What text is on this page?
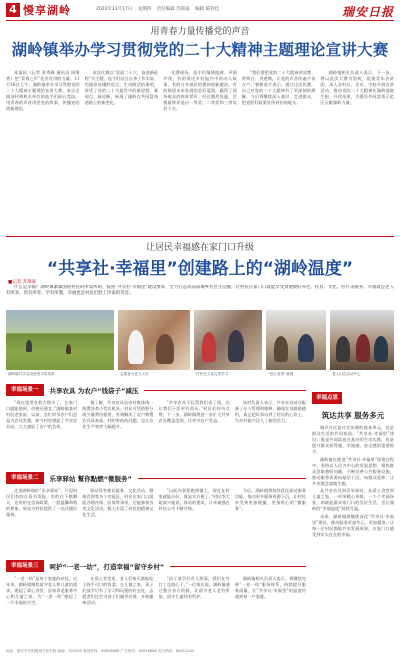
4 慢享湖岭	2022年11月17日 星期四 责任编辑 苏慕嘉 编辑 陈铃佳	瑞安日报
用青春力量传播党的声音
湖岭镇举办学习贯彻党的二十大精神主题理论宣讲大赛

本报讯（记者 张秀峰 通讯员 周绪香）把“青春之声”化作宣讲的力量。11月16日上午，湖岭镇举办学习贯彻党的二十大精神主题理论宣讲大赛，来自全镇各村和机关单位的选手们同台竞技，用青春的声音讲述党的故事，传播党的创新理论。

本次比赛以“喜迎二十大、奋进新征程”为主题，选手们结合自身工作实际，用通俗易懂的语言、生动鲜活的事例，讲述了党的二十大报告中的新思想、新观点、新论断，展现了湖岭在共同富裕道路上的新变化。

比赛现场，选手们情绪饱满、声情并茂，有的讲述乡村振兴中的动人故事，有的分享基层治理的创新做法，有的展望未来发展的美好蓝图，赢得了现场观众的阵阵掌声。经过激烈角逐，比赛最终评选出一等奖、二等奖和三等奖若干名。

“我们要把党的二十大精神讲清楚、讲明白、讲透彻，让党的声音传遍千家万户。”参赛选手表示，通过这次比赛，自己对党的二十大精神有了更深刻的理解，今后将继续深入基层、走进群众，把党的好政策宣传到田间地头。

湖岭镇相关负责人表示，下一步，将以此次大赛为契机，组建青年宣讲团，深入各村社、企业、学校开展宣讲活动，推动党的二十大精神在湖岭落地生根、开花结果，为建设共同富裕示范区贡献湖岭力量。

让居民幸福感在家门口升级
“共享社·幸福里”创建路上的“湖岭温度”
■记者 苏慕嘉
什么是幸福？湖岭镇紧紧围绕村民的所需所盼，按照“共享社·幸福里”建设要求，全力打造高品质城乡社区生活圈，让村民在家门口就能享受到便捷的养老、托育、文化、医疗等服务。幸福就是老人有所养、幼有所育、学有所教，幸福也是村民们脸上洋溢的笑容。
湖岭镇共享农田里的丰收景象	志愿者为老人义诊	村民在文化礼堂学习	“爱心食堂”就餐	老人们在活动中心
幸福场景一	共享农具 为农户“钱袋子”减压

“现在租用农机方便多了，在家门口就能借到，价格还便宜。”湖岭镇某村村民老张说。以前，农忙时节农户们总是为农具发愁，如今村里建起了共享农具站，大大减轻了农户的负担。

据了解，共享农具站由村集体统一购置各类小型农机具，村民可凭借积分或少量费用租用，有效解决了农户购置农具成本高、利用率低的问题，也让农业生产效率大幅提升。

“共享农具不仅帮我们省了钱，还让我们干活更有劲头。”村民们纷纷点赞。下一步，湖岭镇将进一步扩大共享农具覆盖范围，让更多农户受益。

该村负责人表示，共享农具站还配备了专人管理和维修，确保农具随借随用，真正把好事办到了村民的心坎上，为乡村振兴注入了新的活力。

幸福场景二	乐享驿站 幫你點燃“微服务”

走进湖岭镇的“乐享驿站”，只见村民们有的在看书读报，有的在下棋聊天，还有的在咨询政策，一派温馨和谐的景象。驿站为村民提供了一站式便民服务。

驿站设有便民服务、文化活动、健康咨询等多个功能区，村民在家门口就能办理社保、医保等事项，还能参加各类文化活动，极大丰富了村民的精神文化生活。

“以前办事要跑到镇上，现在在村里就能办好，真是太方便了。”村民李大姐高兴地说。驿站的建成，让幸福感在村民心中不断升级。

今后，湖岭镇将持续优化驿站服务功能，推动更多服务资源下沉，让村民享受到更加便捷、更加贴心的“微服务”。

幸福场景三	呵护“一老一幼”，打造幸福“留守乡村”

“一老一幼”是每个家庭的牵挂。近年来，湖岭镇聚焦留守老人和儿童的需求，建起了爱心食堂、居家养老服务中心和儿童之家，为“一老一幼”撑起了一片幸福的天空。

在爱心食堂里，老人们每天都能吃上热乎可口的饭菜；在儿童之家，孩子们放学后有了学习和玩耍的好去处，志愿者们还会为孩子们辅导功课、开展趣味活动。

“孩子放学后有人照看，我们在外打工也放心了。”一位家长说。湖岭镇通过整合各方资源，让留守老人老有所依、留守儿童幼有所护。

湖岭镇相关负责人表示，将继续完善“一老一幼”服务体系，持续提升服务质量，让“共享社·幸福里”的温度传递到每一户家庭。

幸福点思
筑达共享 服务多元

城乡社区是社会治理的基本单元，也是群众生活的共同家园。“共享社·幸福里”建设，既是共同富裕在基层的生动实践，也是提升群众获得感、幸福感、安全感的重要抓手。

湖岭镇在推进“共享社·幸福里”创建过程中，坚持以人民为中心的发展思想，聚焦群众急难愁盼问题，不断完善公共服务设施，推动服务资源向基层下沉、向群众延伸，让共享理念落地生根。

从共享农具到乐享驿站，从爱心食堂到儿童之家，一项项暖心举措，一个个幸福场景，串联起群众家门口的美好生活，也让湖岭的“幸福温度”持续升温。

未来，湖岭镇将继续深化“共享社·幸福里”建设，推动服务更加多元、更加精准，让每一位村民都能共享发展成果，在家门口感受到实实在在的幸福。

地址：瑞安市安阳街道万松东路 邮编：325200 新闻热线：65818888 广告热线：65816666 发行热线：65812345
